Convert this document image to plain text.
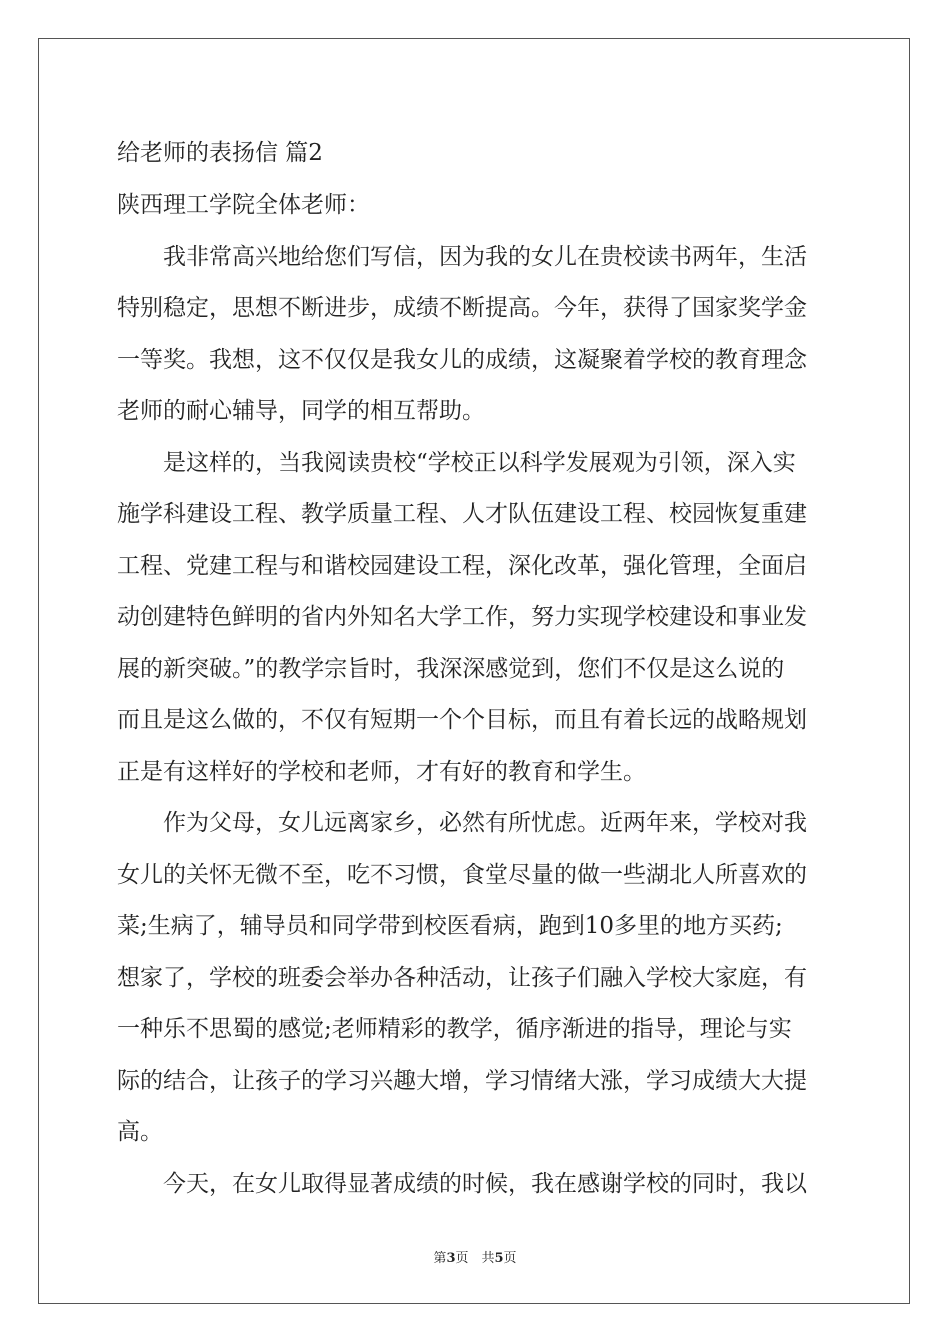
给老师的表扬信 篇2
陕西理工学院全体老师：
　　我非常高兴地给您们写信，因为我的女儿在贵校读书两年，生活
特别稳定，思想不断进步，成绩不断提高。今年，获得了国家奖学金
一等奖。我想，这不仅仅是我女儿的成绩，这凝聚着学校的教育理念
老师的耐心辅导，同学的相互帮助。
　　是这样的，当我阅读贵校“学校正以科学发展观为引领，深入实
施学科建设工程、教学质量工程、人才队伍建设工程、校园恢复重建
工程、党建工程与和谐校园建设工程，深化改革，强化管理，全面启
动创建特色鲜明的省内外知名大学工作，努力实现学校建设和事业发
展的新突破。”的教学宗旨时，我深深感觉到，您们不仅是这么说的
而且是这么做的，不仅有短期一个个目标，而且有着长远的战略规划
正是有这样好的学校和老师，才有好的教育和学生。
　　作为父母，女儿远离家乡，必然有所忧虑。近两年来，学校对我
女儿的关怀无微不至，吃不习惯，食堂尽量的做一些湖北人所喜欢的
菜;生病了，辅导员和同学带到校医看病，跑到10多里的地方买药;
想家了，学校的班委会举办各种活动，让孩子们融入学校大家庭，有
一种乐不思蜀的感觉;老师精彩的教学，循序渐进的指导，理论与实
际的结合，让孩子的学习兴趣大增，学习情绪大涨，学习成绩大大提
高。
　　今天，在女儿取得显著成绩的时候，我在感谢学校的同时，我以
第3页　共5页
